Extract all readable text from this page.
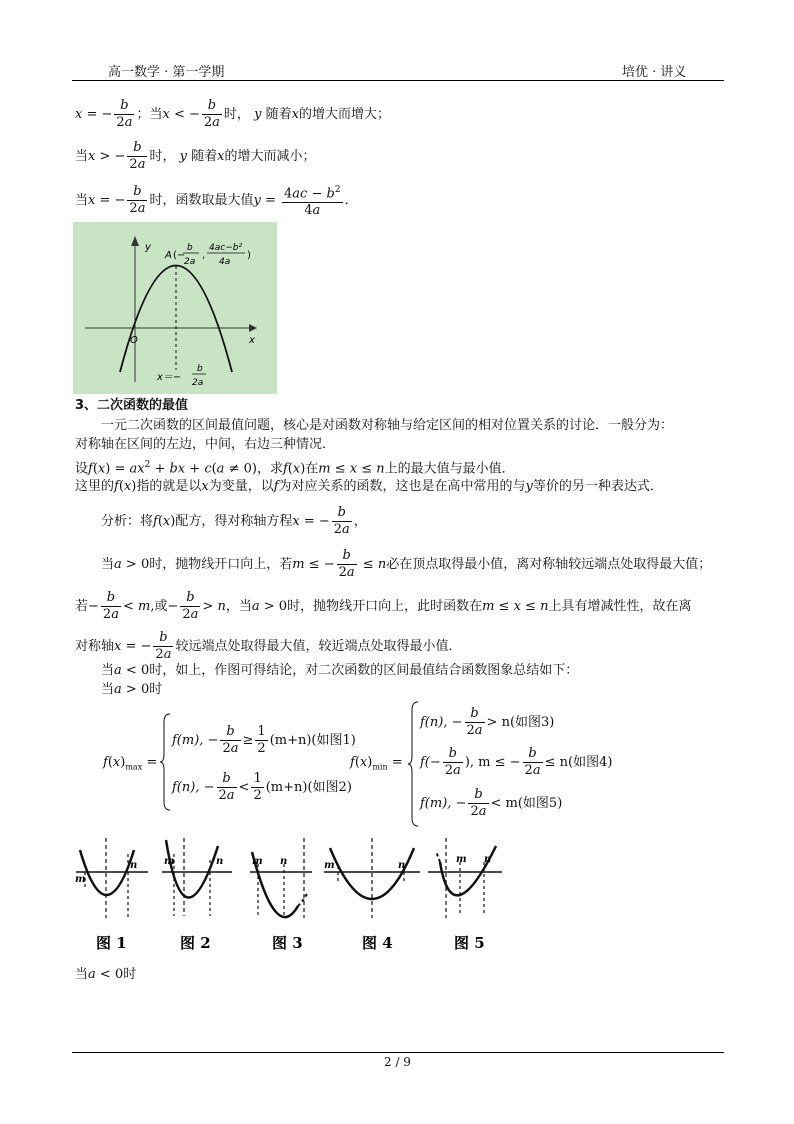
高一数学 · 第一学期	培优 · 讲义
x = − $\frac{b}{2a}$ ；当x < − $\frac{b}{2a}$ 时， y 随着x的增大而增大；
当x > − $\frac{b}{2a}$ 时， y 随着x的增大而减小；
当x = − $\frac{b}{2a}$ 时，函数取最大值$y = \frac{4ac - b^2}{4a}$ ．
O	x
y
A (−
b
2a
,
4ac−b²
4a
)
x＝−
b
2a
3、二次函数的最值
一元二次函数的区间最值问题，核心是对函数对称轴与给定区间的相对位置关系的讨论．一般分为：
对称轴在区间的左边，中间，右边三种情况．
设$f(x) = ax^2$ + bx + c(a ≠ 0)，求f(x)在m ≤ x ≤ n上的最大值与最小值．
这里的f(x)指的就是以x为变量，以f为对应关系的函数，这也是在高中常用的与y等价的另一种表达式．
分析：将f(x)配方，得对称轴方程x = − $\frac{b}{2a}$ ，
当a > 0时，抛物线开口向上，若m ≤ − $\frac{b}{2a} \le n$必在顶点取得最小值，离对称轴较远端点处取得最大值；
若− $\frac{b}{2a} < m$,或− $\frac{b}{2a} > n$，当a > 0时，抛物线开口向上，此时函数在m ≤ x ≤ n上具有增减性性，故在离
对称轴x = − $\frac{b}{2a}$ 较远端点处取得最大值，较近端点处取得最小值．
当a < 0时，如上，作图可得结论，对二次函数的区间最值结合函数图象总结如下：
当a > 0时
$f(x)_{max}$ =
f(m), − $\frac{b}{2a} \ge \frac{1}{2} (m+n)$(如图1)
f(n), − $\frac{b}{2a} < \frac{1}{2} (m+n)$(如图2)
$f(x)_{min}$ =
f(n), − $\frac{b}{2a} > n$(如图3)
$f(- \frac{b}{2a}$ ), m ≤ − $\frac{b}{2a} \le n$(如图4)
f(m), − $\frac{b}{2a} < m$(如图5)
m
n
图 1
m	n
图 2
m n
图 3
m	n
图 4
m n
图 5
当a < 0时
2 / 9
